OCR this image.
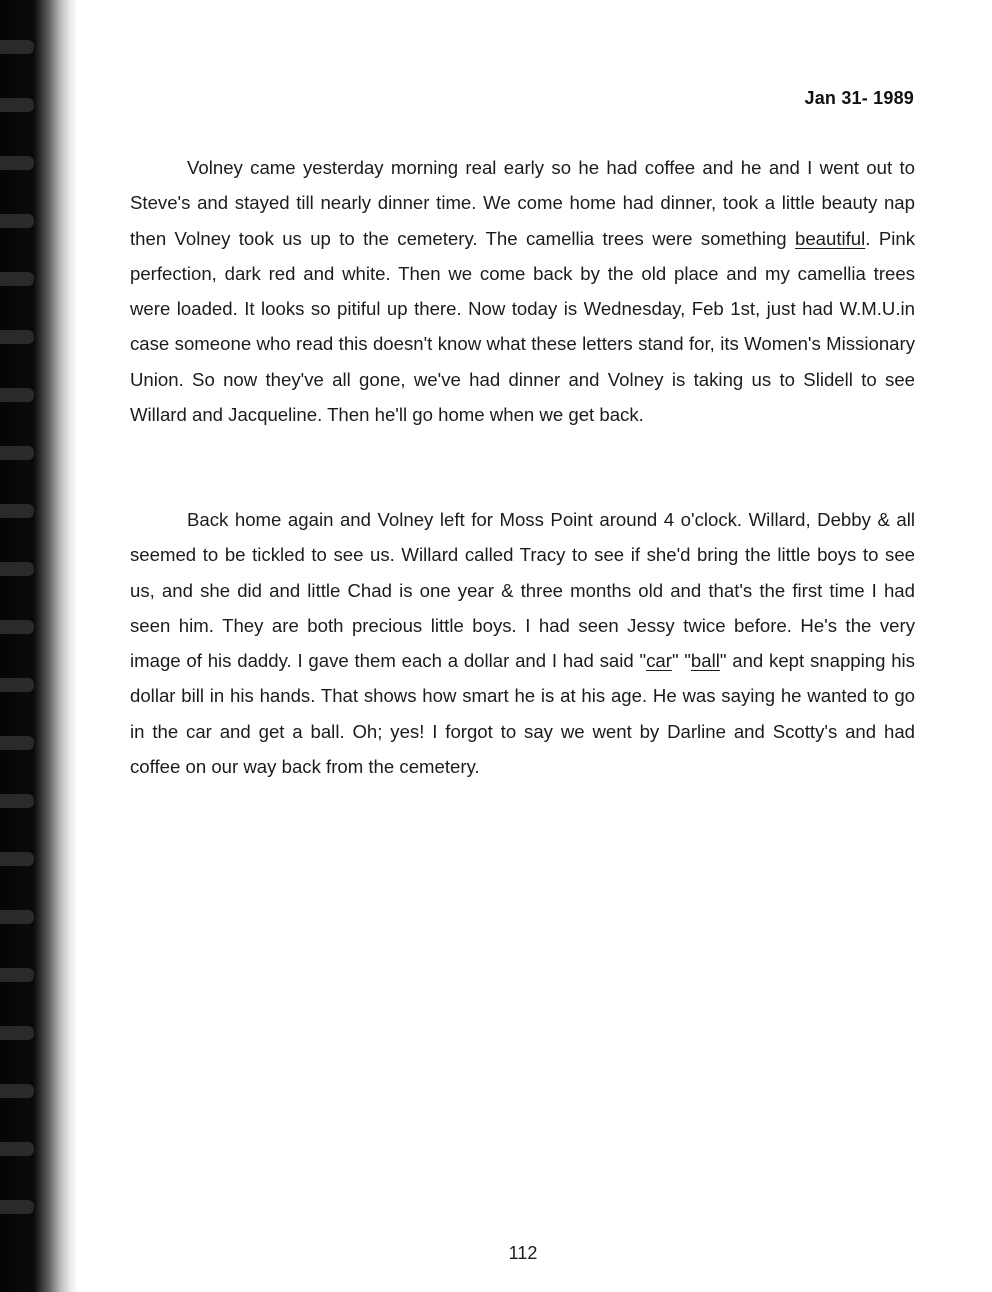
Jan 31- 1989

Volney came yesterday morning real early so he had coffee and he and I went out to Steve's and stayed till nearly dinner time. We come home had dinner, took a little beauty nap then Volney took us up to the cemetery. The camellia trees were something beautiful. Pink perfection, dark red and white. Then we come back by the old place and my camellia trees were loaded. It looks so pitiful up there. Now today is Wednesday, Feb 1st, just had W.M.U.in case someone who read this doesn't know what these letters stand for, its Women's Missionary Union. So now they've all gone, we've had dinner and Volney is taking us to Slidell to see Willard and Jacqueline. Then he'll go home when we get back.

Back home again and Volney left for Moss Point around 4 o'clock. Willard, Debby & all seemed to be tickled to see us. Willard called Tracy to see if she'd bring the little boys to see us, and she did and little Chad is one year & three months old and that's the first time I had seen him. They are both precious little boys. I had seen Jessy twice before. He's the very image of his daddy. I gave them each a dollar and I had said "car" "ball" and kept snapping his dollar bill in his hands. That shows how smart he is at his age. He was saying he wanted to go in the car and get a ball. Oh; yes! I forgot to say we went by Darline and Scotty's and had coffee on our way back from the cemetery.

112
